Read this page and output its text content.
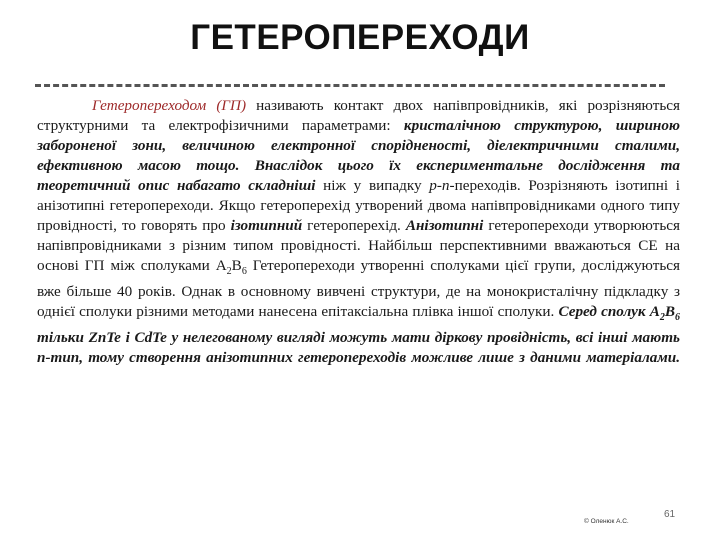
ГЕТЕРОПЕРЕХОДИ

Гетеропереходом (ГП) називають контакт двох напівпровідників, які розрізняються структурними та електрофізичними параметрами: кристалічною структурою, шириною забороненої зони, величиною електронної спорідненості, діелектричними сталими, ефективною масою тощо. Внаслідок цього їх експериментальне дослідження та теоретичний опис набагато складніші ніж у випадку р-n-переходів. Розрізняють ізотипні і анізотипні гетеропереходи. Якщо гетероперехід утворений двома напівпровідниками одного типу провідності, то говорять про ізотипний гетероперехід. Анізотипні гетеропереходи утворюються напівпровідниками з різним типом провідності. Найбільш перспективними вважаються СЕ на основі ГП між сполуками $А_2В_6$ Гетеропереходи утворенні сполуками цієї групи, досліджуються вже більше 40 років. Однак в основному вивчені структури, де на монокристалічну підкладку з однієї сполуки різними методами нанесена епітаксіальна плівка іншої сполуки. Серед сполук $А_2В_6$ тільки ZnTe і CdTe у нелегованому вигляді можуть мати діркову провідність, всі інші мають n-тип, тому створення анізотипних гетеропереходів можливе лише з даними матеріалами.

61
© Оленюк А.С.
